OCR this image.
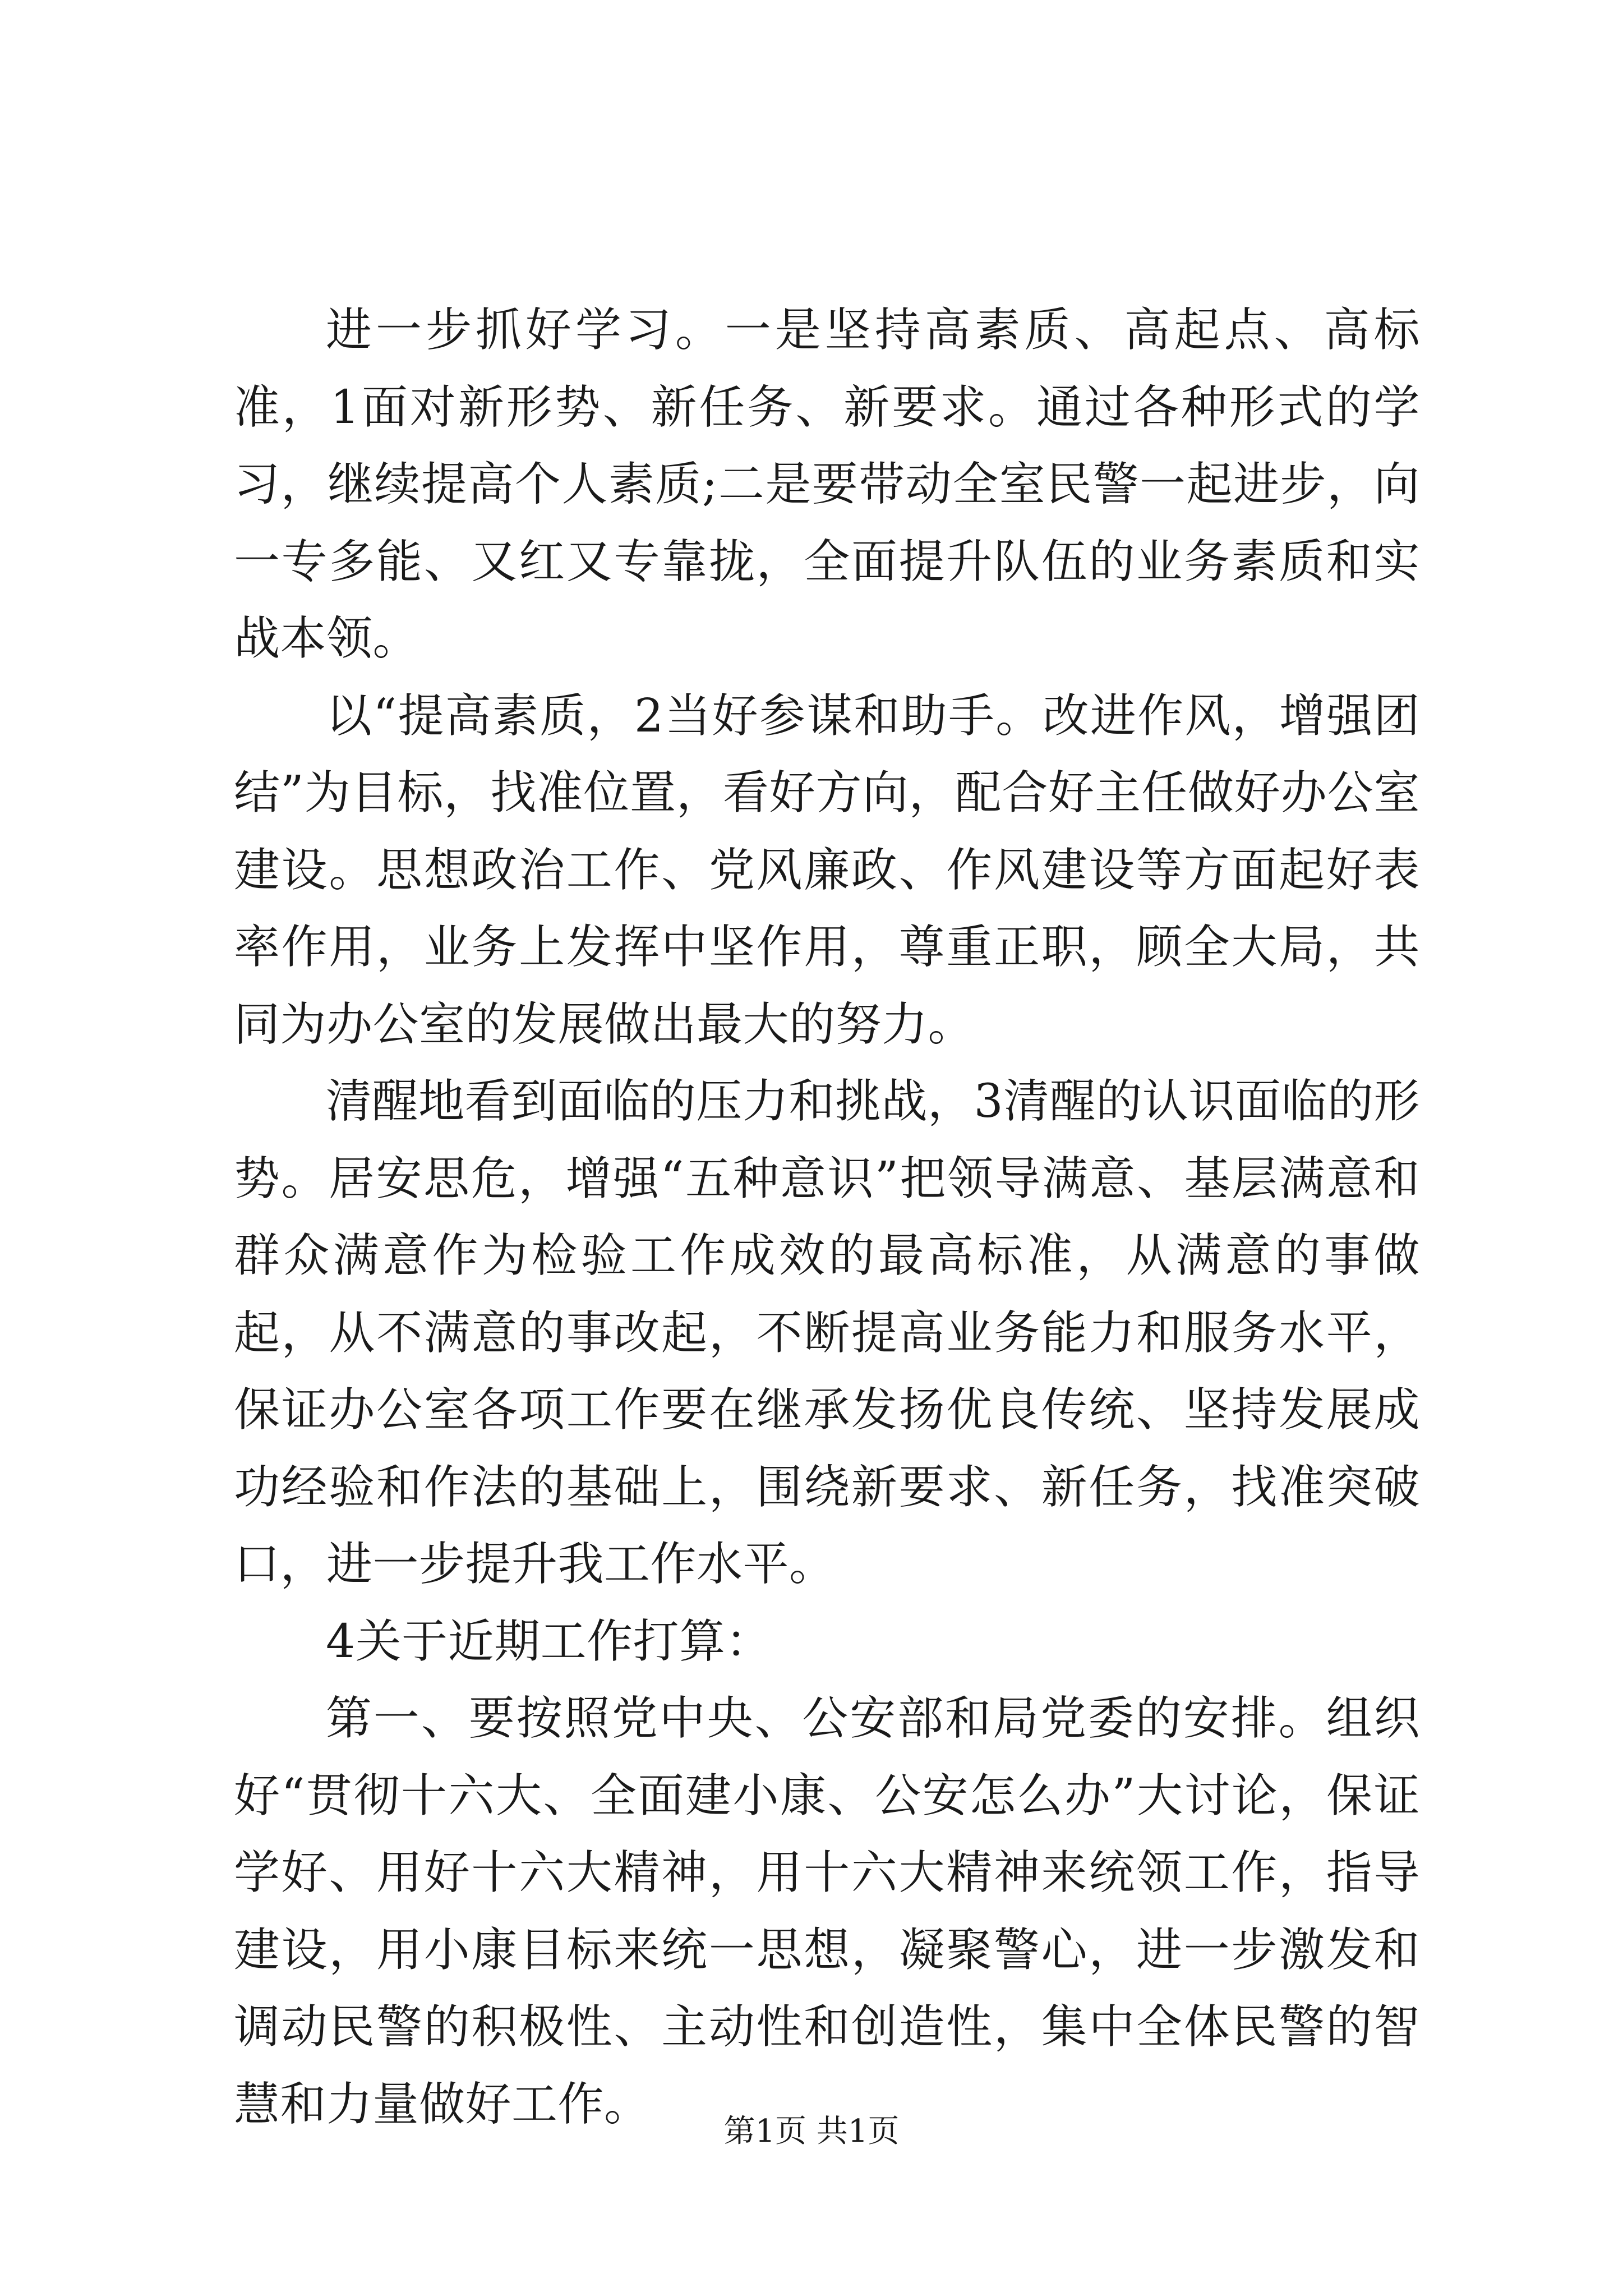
进一步抓好学习。一是坚持高素质、高起点、高标准，1面对新形势、新任务、新要求。通过各种形式的学习，继续提高个人素质;二是要带动全室民警一起进步，向一专多能、又红又专靠拢，全面提升队伍的业务素质和实战本领。

以“提高素质，2当好参谋和助手。改进作风，增强团结”为目标，找准位置，看好方向，配合好主任做好办公室建设。思想政治工作、党风廉政、作风建设等方面起好表率作用，业务上发挥中坚作用，尊重正职，顾全大局，共同为办公室的发展做出最大的努力。

清醒地看到面临的压力和挑战，3清醒的认识面临的形势。居安思危，增强“五种意识”把领导满意、基层满意和群众满意作为检验工作成效的最高标准，从满意的事做起，从不满意的事改起，不断提高业务能力和服务水平，保证办公室各项工作要在继承发扬优良传统、坚持发展成功经验和作法的基础上，围绕新要求、新任务，找准突破口，进一步提升我工作水平。

4关于近期工作打算：

第一、要按照党中央、公安部和局党委的安排。组织好“贯彻十六大、全面建小康、公安怎么办”大讨论，保证学好、用好十六大精神，用十六大精神来统领工作，指导建设，用小康目标来统一思想，凝聚警心，进一步激发和调动民警的积极性、主动性和创造性，集中全体民警的智慧和力量做好工作。

第1页 共1页
